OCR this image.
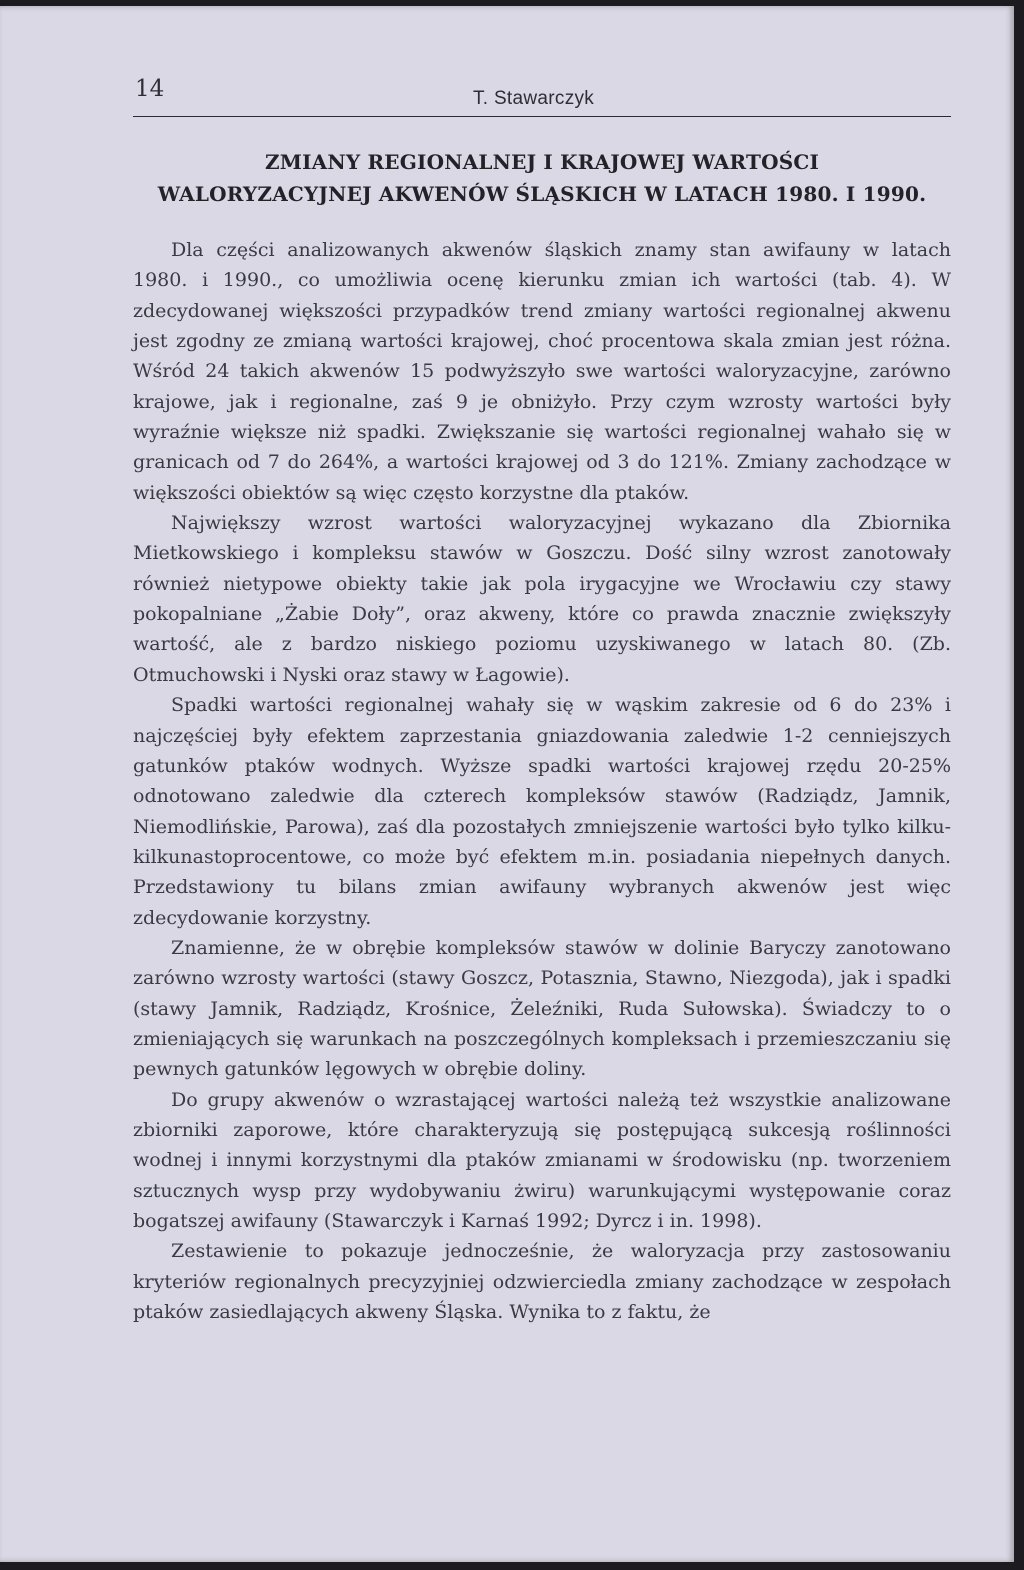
14	T. Stawarczyk
ZMIANY REGIONALNEJ I KRAJOWEJ WARTOŚCI
WALORYZACYJNEJ AKWENÓW ŚLĄSKICH W LATACH 1980. I 1990.

Dla części analizowanych akwenów śląskich znamy stan awifauny w latach 1980. i 1990., co umożliwia ocenę kierunku zmian ich wartości (tab. 4). W zdecydowanej większości przypadków trend zmiany wartości regionalnej akwenu jest zgodny ze zmianą wartości krajowej, choć procentowa skala zmian jest różna. Wśród 24 takich akwenów 15 podwyższyło swe wartości waloryzacyjne, zarówno krajowe, jak i regionalne, zaś 9 je obniżyło. Przy czym wzrosty wartości były wyraźnie większe niż spadki. Zwiększanie się wartości regionalnej wahało się w granicach od 7 do 264%, a wartości krajowej od 3 do 121%. Zmiany zachodzące w większości obiektów są więc często korzystne dla ptaków.

Największy wzrost wartości waloryzacyjnej wykazano dla Zbiornika Mietkowskiego i kompleksu stawów w Goszczu. Dość silny wzrost zanotowały również nietypowe obiekty takie jak pola irygacyjne we Wrocławiu czy stawy pokopalniane „Żabie Doły”, oraz akweny, które co prawda znacznie zwiększyły wartość, ale z bardzo niskiego poziomu uzyskiwanego w latach 80. (Zb. Otmuchowski i Nyski oraz stawy w Łagowie).

Spadki wartości regionalnej wahały się w wąskim zakresie od 6 do 23% i najczęściej były efektem zaprzestania gniazdowania zaledwie 1-2 cenniejszych gatunków ptaków wodnych. Wyższe spadki wartości krajowej rzędu 20-25% odnotowano zaledwie dla czterech kompleksów stawów (Radziądz, Jamnik, Niemodlińskie, Parowa), zaś dla pozostałych zmniejszenie wartości było tylko kilku-kilkunastoprocentowe, co może być efektem m.in. posiadania niepełnych danych. Przedstawiony tu bilans zmian awifauny wybranych akwenów jest więc zdecydowanie korzystny.

Znamienne, że w obrębie kompleksów stawów w dolinie Baryczy zanotowano zarówno wzrosty wartości (stawy Goszcz, Potasznia, Stawno, Niezgoda), jak i spadki (stawy Jamnik, Radziądz, Krośnice, Żeleźniki, Ruda Sułowska). Świadczy to o zmieniających się warunkach na poszczególnych kompleksach i przemieszczaniu się pewnych gatunków lęgowych w obrębie doliny.

Do grupy akwenów o wzrastającej wartości należą też wszystkie analizowane zbiorniki zaporowe, które charakteryzują się postępującą sukcesją roślinności wodnej i innymi korzystnymi dla ptaków zmianami w środowisku (np. tworzeniem sztucznych wysp przy wydobywaniu żwiru) warunkującymi występowanie coraz bogatszej awifauny (Stawarczyk i Karnaś 1992; Dyrcz i in. 1998).

Zestawienie to pokazuje jednocześnie, że waloryzacja przy zastosowaniu kryteriów regionalnych precyzyjniej odzwierciedla zmiany zachodzące w zespołach ptaków zasiedlających akweny Śląska. Wynika to z faktu, że
